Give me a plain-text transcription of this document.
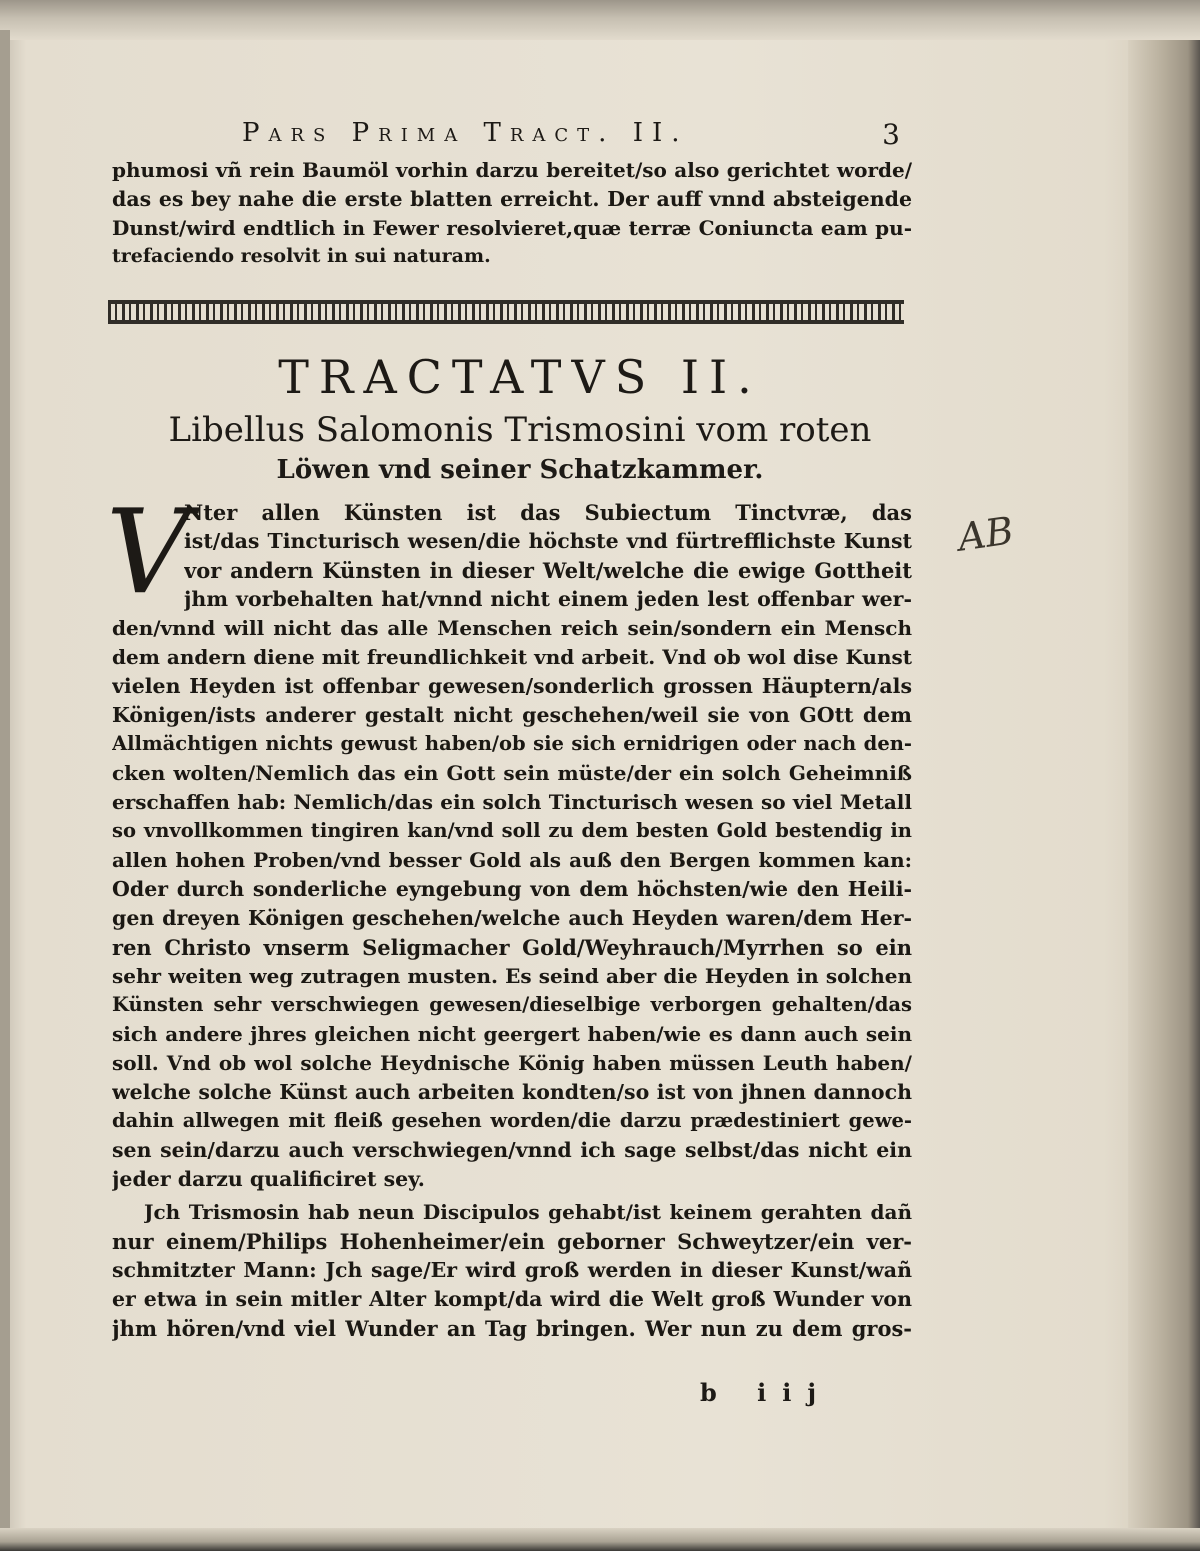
Pars Prima Tract. II.	3
phumosi vñ rein Baumöl vorhin darzu bereitet/so also gerichtet worde/
das es bey nahe die erste blatten erreicht. Der auff vnnd absteigende
Dunst/wird endtlich in Fewer resolvieret,quæ terræ Coniuncta eam pu-
trefaciendo resolvit in sui naturam.
TRACTATVS II.
Libellus Salomonis Trismosini vom roten
Löwen vnd seiner Schatzkammer.
V	AB
Nter allen Künsten ist das Subiectum Tinctvræ, das
ist/das Tincturisch wesen/die höchste vnd fürtrefflichste Kunst
vor andern Künsten in dieser Welt/welche die ewige Gottheit
jhm vorbehalten hat/vnnd nicht einem jeden lest offenbar wer-
den/vnnd will nicht das alle Menschen reich sein/sondern ein Mensch
dem andern diene mit freundlichkeit vnd arbeit. Vnd ob wol dise Kunst
vielen Heyden ist offenbar gewesen/sonderlich grossen Häuptern/als
Königen/ists anderer gestalt nicht geschehen/weil sie von GOtt dem
Allmächtigen nichts gewust haben/ob sie sich ernidrigen oder nach den-
cken wolten/Nemlich das ein Gott sein müste/der ein solch Geheimniß
erschaffen hab: Nemlich/das ein solch Tincturisch wesen so viel Metall
so vnvollkommen tingiren kan/vnd soll zu dem besten Gold bestendig in
allen hohen Proben/vnd besser Gold als auß den Bergen kommen kan:
Oder durch sonderliche eyngebung von dem höchsten/wie den Heili-
gen dreyen Königen geschehen/welche auch Heyden waren/dem Her-
ren Christo vnserm Seligmacher Gold/Weyhrauch/Myrrhen so ein
sehr weiten weg zutragen musten. Es seind aber die Heyden in solchen
Künsten sehr verschwiegen gewesen/dieselbige verborgen gehalten/das
sich andere jhres gleichen nicht geergert haben/wie es dann auch sein
soll. Vnd ob wol solche Heydnische König haben müssen Leuth haben/
welche solche Künst auch arbeiten kondten/so ist von jhnen dannoch
dahin allwegen mit fleiß gesehen worden/die darzu prædestiniert gewe-
sen sein/darzu auch verschwiegen/vnnd ich sage selbst/das nicht ein
jeder darzu qualificiret sey.
Jch Trismosin hab neun Discipulos gehabt/ist keinem gerahten dañ
nur einem/Philips Hohenheimer/ein geborner Schweytzer/ein ver-
schmitzter Mann: Jch sage/Er wird groß werden in dieser Kunst/wañ
er etwa in sein mitler Alter kompt/da wird die Welt groß Wunder von
jhm hören/vnd viel Wunder an Tag bringen. Wer nun zu dem gros-
b iij
